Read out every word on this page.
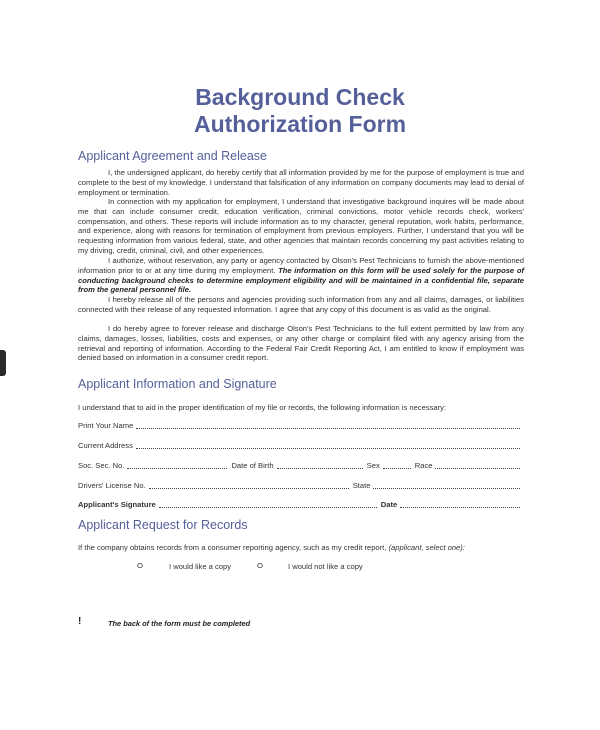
Background Check
Authorization Form
Applicant Agreement and Release
I, the undersigned applicant, do hereby certify that all information provided by me for the purpose of employment is true and complete to the best of my knowledge. I understand that falsification of any information on company documents may lead to denial of employment or termination.
In connection with my application for employment, I understand that investigative background inquires will be made about me that can include consumer credit, education verification, criminal convictions, motor vehicle records check, workers' compensation, and others. These reports will include information as to my character, general reputation, work habits, performance, and experience, along with reasons for termination of employment from previous employers. Further, I understand that you will be requesting information from various federal, state, and other agencies that maintain records concerning my past activities relating to my driving, credit, criminal, civil, and other experiences.
I authorize, without reservation, any party or agency contacted by Olson's Pest Technicians to furnish the above-mentioned information prior to or at any time during my employment. The information on this form will be used solely for the purpose of conducting background checks to determine employment eligibility and will be maintained in a confidential file, separate from the general personnel file.
I hereby release all of the persons and agencies providing such information from any and all claims, damages, or liabilities connected with their release of any requested information. I agree that any copy of this document is as valid as the original.
I do hereby agree to forever release and discharge Olson's Pest Technicians to the full extent permitted by law from any claims, damages, losses, liabilities, costs and expenses, or any other charge or complaint filed with any agency arising from the retrieval and reporting of information. According to the Federal Fair Credit Reporting Act, I am entitled to know if employment was denied based on information in a consumer credit report.
Applicant Information and Signature
I understand that to aid in the proper identification of my file or records, the following information is necessary:
Print Your Name
Current Address
Soc. Sec. No.	Date of Birth	Sex	Race
Drivers' License No.	State
Applicant's Signature	Date
Applicant Request for Records
If the company obtains records from a consumer reporting agency, such as my credit report, (applicant, select one):
O	I would like a copy	O	I would not like a copy
!	The back of the form must be completed
